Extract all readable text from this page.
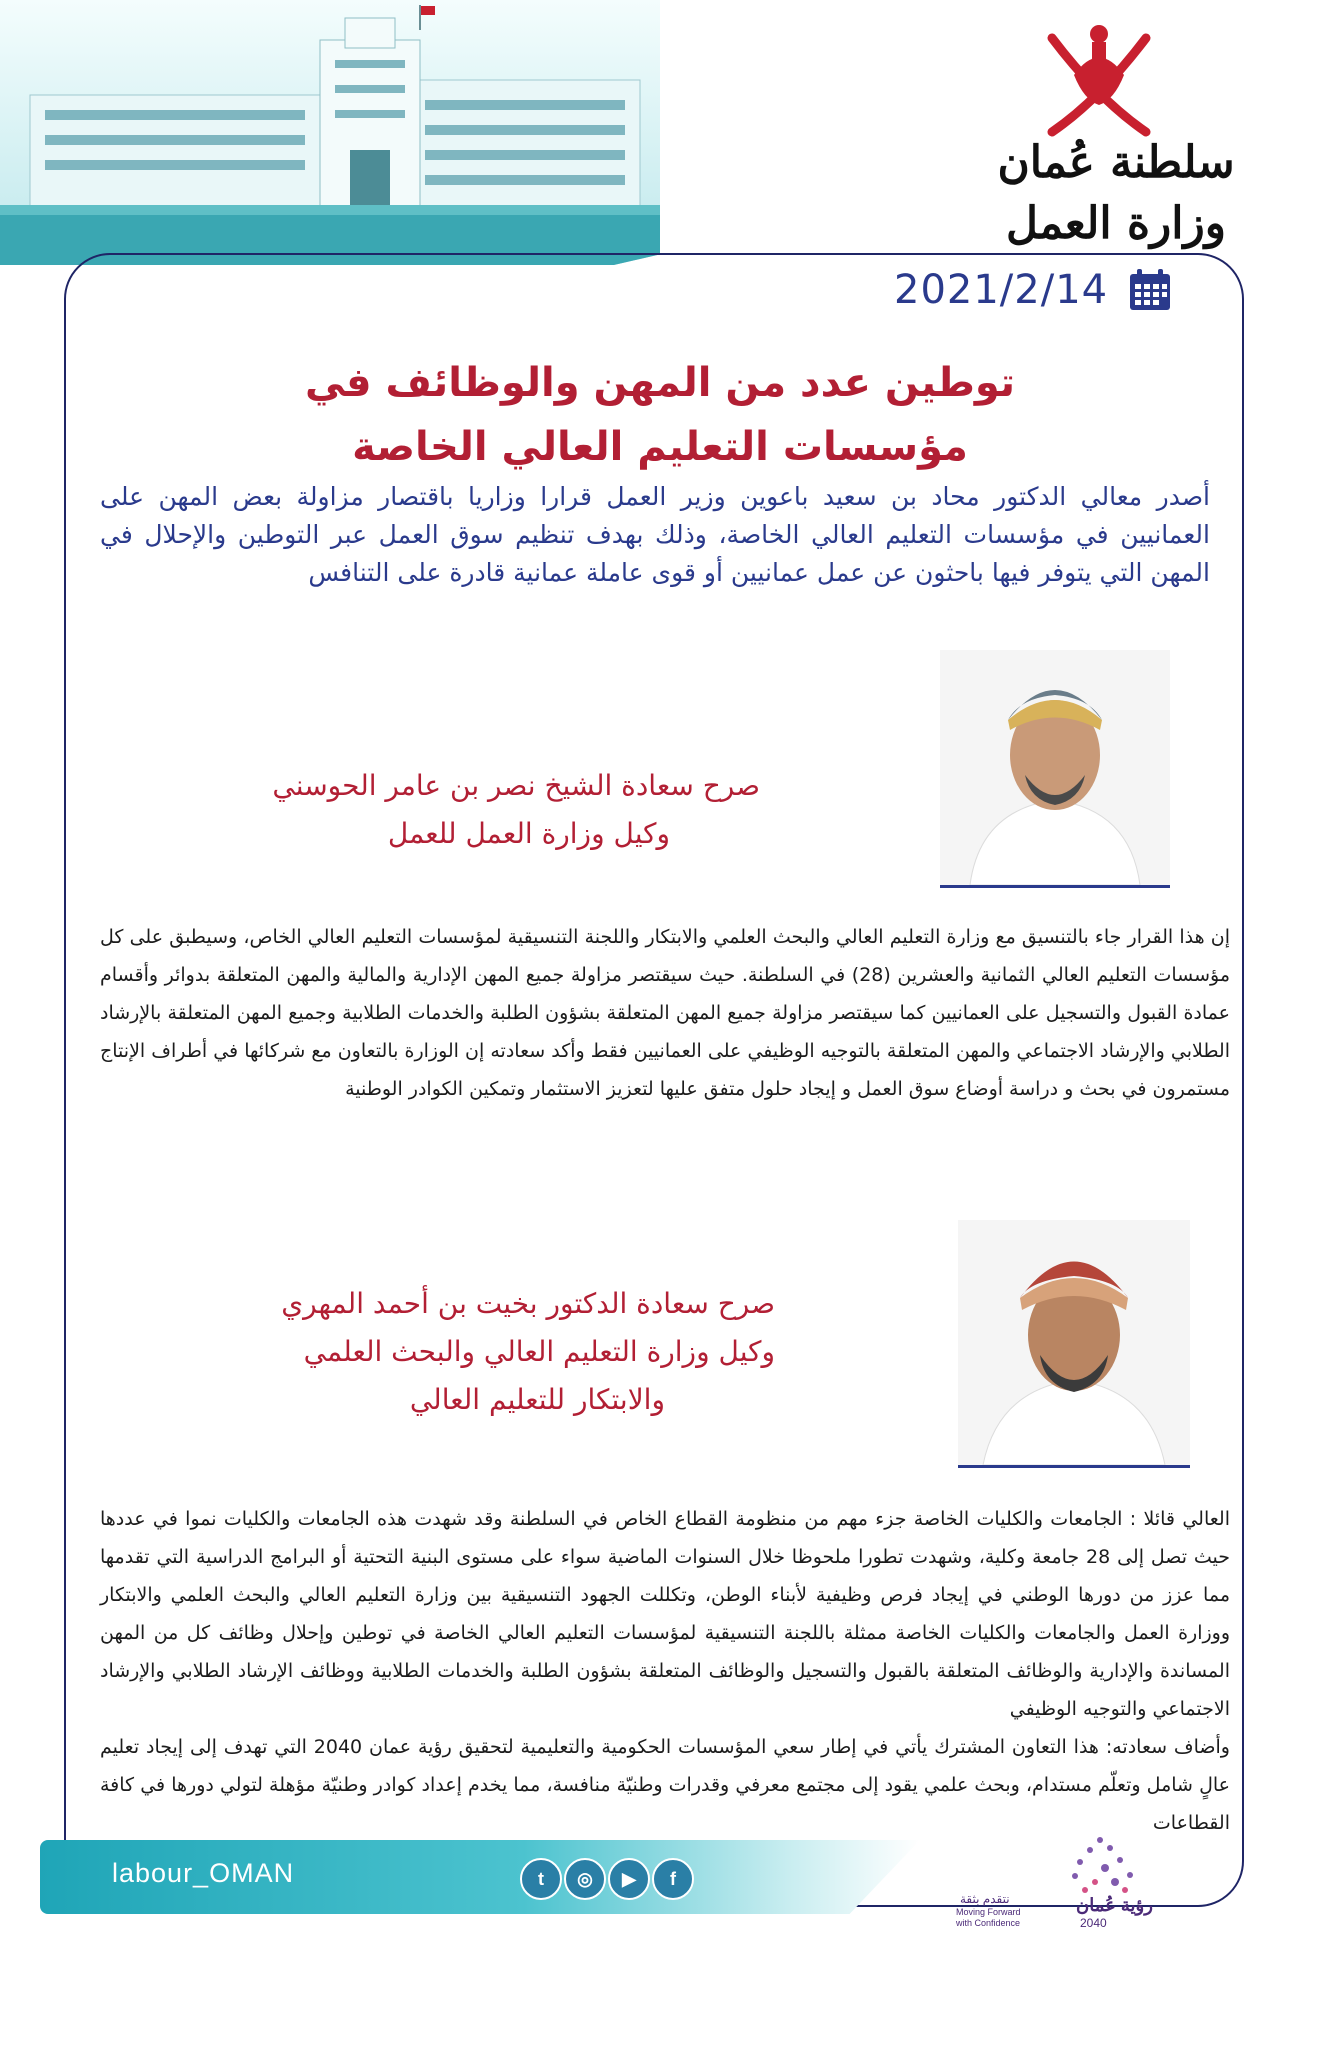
سلطنة عُمان
وزارة العمل
2021/2/14
توطين عدد من المهن والوظائف في
مؤسسات التعليم العالي الخاصة
أصدر معالي الدكتور محاد بن سعيد باعوين وزير العمل قرارا وزاريا باقتصار مزاولة بعض المهن على العمانيين في مؤسسات التعليم العالي الخاصة، وذلك بهدف تنظيم سوق العمل عبر التوطين والإحلال في المهن التي يتوفر فيها باحثون عن عمل عمانيين أو قوى عاملة عمانية قادرة على التنافس
صرح سعادة الشيخ نصر بن عامر الحوسني
وكيل وزارة العمل للعمل
إن هذا القرار جاء بالتنسيق مع وزارة التعليم العالي والبحث العلمي والابتكار واللجنة التنسيقية لمؤسسات التعليم العالي الخاص، وسيطبق على كل مؤسسات التعليم العالي الثمانية والعشرين (28) في السلطنة. حيث سيقتصر مزاولة جميع المهن الإدارية والمالية والمهن المتعلقة بدوائر وأقسام عمادة القبول والتسجيل على العمانيين كما سيقتصر مزاولة جميع المهن المتعلقة بشؤون الطلبة والخدمات الطلابية وجميع المهن المتعلقة بالإرشاد الطلابي والإرشاد الاجتماعي والمهن المتعلقة بالتوجيه الوظيفي على العمانيين فقط وأكد سعادته إن الوزارة بالتعاون مع شركائها في أطراف الإنتاج مستمرون في بحث و دراسة أوضاع سوق العمل و إيجاد حلول متفق عليها لتعزيز الاستثمار وتمكين الكوادر الوطنية
صرح سعادة الدكتور بخيت بن أحمد المهري
وكيل وزارة التعليم العالي والبحث العلمي
والابتكار للتعليم العالي

العالي قائلا : الجامعات والكليات الخاصة جزء مهم من منظومة القطاع الخاص في السلطنة وقد شهدت هذه الجامعات والكليات نموا في عددها حيث تصل إلى 28 جامعة وكلية، وشهدت تطورا ملحوظا خلال السنوات الماضية سواء على مستوى البنية التحتية أو البرامج الدراسية التي تقدمها مما عزز من دورها الوطني في إيجاد فرص وظيفية لأبناء الوطن، وتكللت الجهود التنسيقية بين وزارة التعليم العالي والبحث العلمي والابتكار ووزارة العمل والجامعات والكليات الخاصة ممثلة باللجنة التنسيقية لمؤسسات التعليم العالي الخاصة في توطين وإحلال وظائف كل من المهن المساندة والإدارية والوظائف المتعلقة بالقبول والتسجيل والوظائف المتعلقة بشؤون الطلبة والخدمات الطلابية ووظائف الإرشاد الطلابي والإرشاد الاجتماعي والتوجيه الوظيفي

وأضاف سعادته: هذا التعاون المشترك يأتي في إطار سعي المؤسسات الحكومية والتعليمية لتحقيق رؤية عمان 2040 التي تهدف إلى إيجاد تعليم عالٍ شامل وتعلّم مستدام، وبحث علمي يقود إلى مجتمع معرفي وقدرات وطنيّة منافسة، مما يخدم إعداد كوادر وطنيّة مؤهلة لتولي دورها في كافة القطاعات

labour_OMAN	t	◎	▶	f
رؤية عُمان
2040
نتقدم بثقة
Moving Forward
with Confidence
